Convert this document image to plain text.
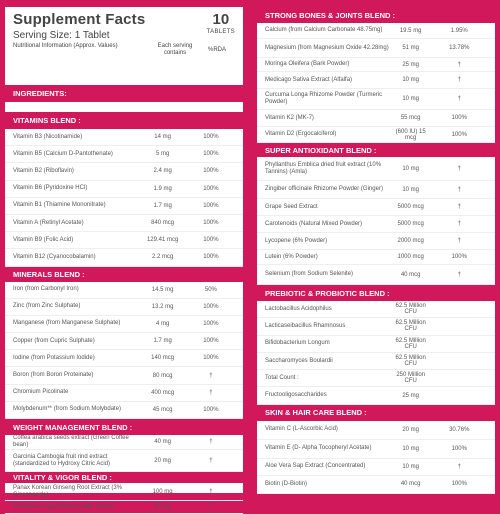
Supplement Facts
Serving Size: 1 Tablet
10
TABLETS
Nutritional Information (Approx. Values)	Each serving contains	%RDA
INGREDIENTS:
VITAMINS BLEND :
Vitamin B3 (Nicotinamide)	14 mg	100%
Vitamin B5 (Calcium D-Pantothenate)	5 mg	100%
Vitamin B2 (Riboflavin)	2.4 mg	100%
Vitamin B6 (Pyridoxine HCl)	1.9 mg	100%
Vitamin B1 (Thiamine Mononitrate)	1.7 mg	100%
Vitamin A (Retinyl Acetate)	840 mcg	100%
Vitamin B9 (Folic Acid)	129.41 mcg	100%
Vitamin B12 (Cyanocobalamin)	2.2 mcg	100%
MINERALS BLEND :
Iron (from Carbonyl Iron)	14.5 mg	50%
Zinc (from Zinc Sulphate)	13.2 mg	100%
Manganese (from Manganese Sulphate)	4 mg	100%
Copper (from Cupric Sulphate)	1.7 mg	100%
Iodine (from Potassium Iodide)	140 mcg	100%
Boron (from Boron Proteinate)	80 mcg	†
Chromium Picolinate	400 mcg	†
Molybdenum** (from Sodium Molybdate)	45 mcg	100%
WEIGHT MANAGEMENT BLEND :
Coffea arabica seeds extract (Green Coffee bean)	40 mg	†
Garcinia Cambogia fruit rind extract (standardized to Hydroxy Citric Acid)	20 mg	†
VITALITY & VIGOR BLEND :
Panax Korean Ginseng Root Extract (3% Ginsenoside)	100 mg	†
Echinacea angustifolia powder extract	20 mg	†
STRONG BONES & JOINTS BLEND :
Calcium (from Calcium Carbonate 48.75mg)	19.5 mg	1.95%
Magnesium (from Magnesium Oxide 42.28mg)	51 mg	13.78%
Moringa Oleifera (Bark Powder)	25 mg	†
Medicago Sativa Extract (Alfalfa)	10 mg	†
Curcuma Longa Rhizome Powder (Turmeric Powder)	10 mg	†
Vitamin K2 (MK-7)	55 mcg	100%
Vitamin D2 (Ergocalciferol)	(600 IU) 15 mcg	100%
SUPER ANTIOXIDANT BLEND :
Phyllanthus Emblica dried fruit extract (10% Tannins) (Amla)	10 mg	†
Zingiber officinale Rhizome Powder (Ginger)	10 mg	†
Grape Seed Extract	5000 mcg	†
Carotenoids (Natural Mixed Powder)	5000 mcg	†
Lycopene (6% Powder)	2000 mcg	†
Lutein (6% Powder)	1000 mcg	100%
Selenium (from Sodium Selenite)	40 mcg	†
PREBIOTIC & PROBIOTIC BLEND :
Lactobacillus Acidophilus	62.5 Million CFU
Lacticaseibacillus Rhamnosus	62.5 Million CFU
Bifidobacterium Longum	62.5 Million CFU
Saccharomyces Boulardii	62.5 Million CFU
Total Count :	250 Million CFU
Fructooligosaccharides	25 mg
SKIN & HAIR CARE BLEND :
Vitamin C (L-Ascorbic Acid)	20 mg	30.76%
Vitamin E (D- Alpha Tocopheryl Acetate)	10 mg	100%
Aloe Vera Sap Extract (Concentrated)	10 mg	†
Biotin (D-Biotin)	40 mcg	100%
